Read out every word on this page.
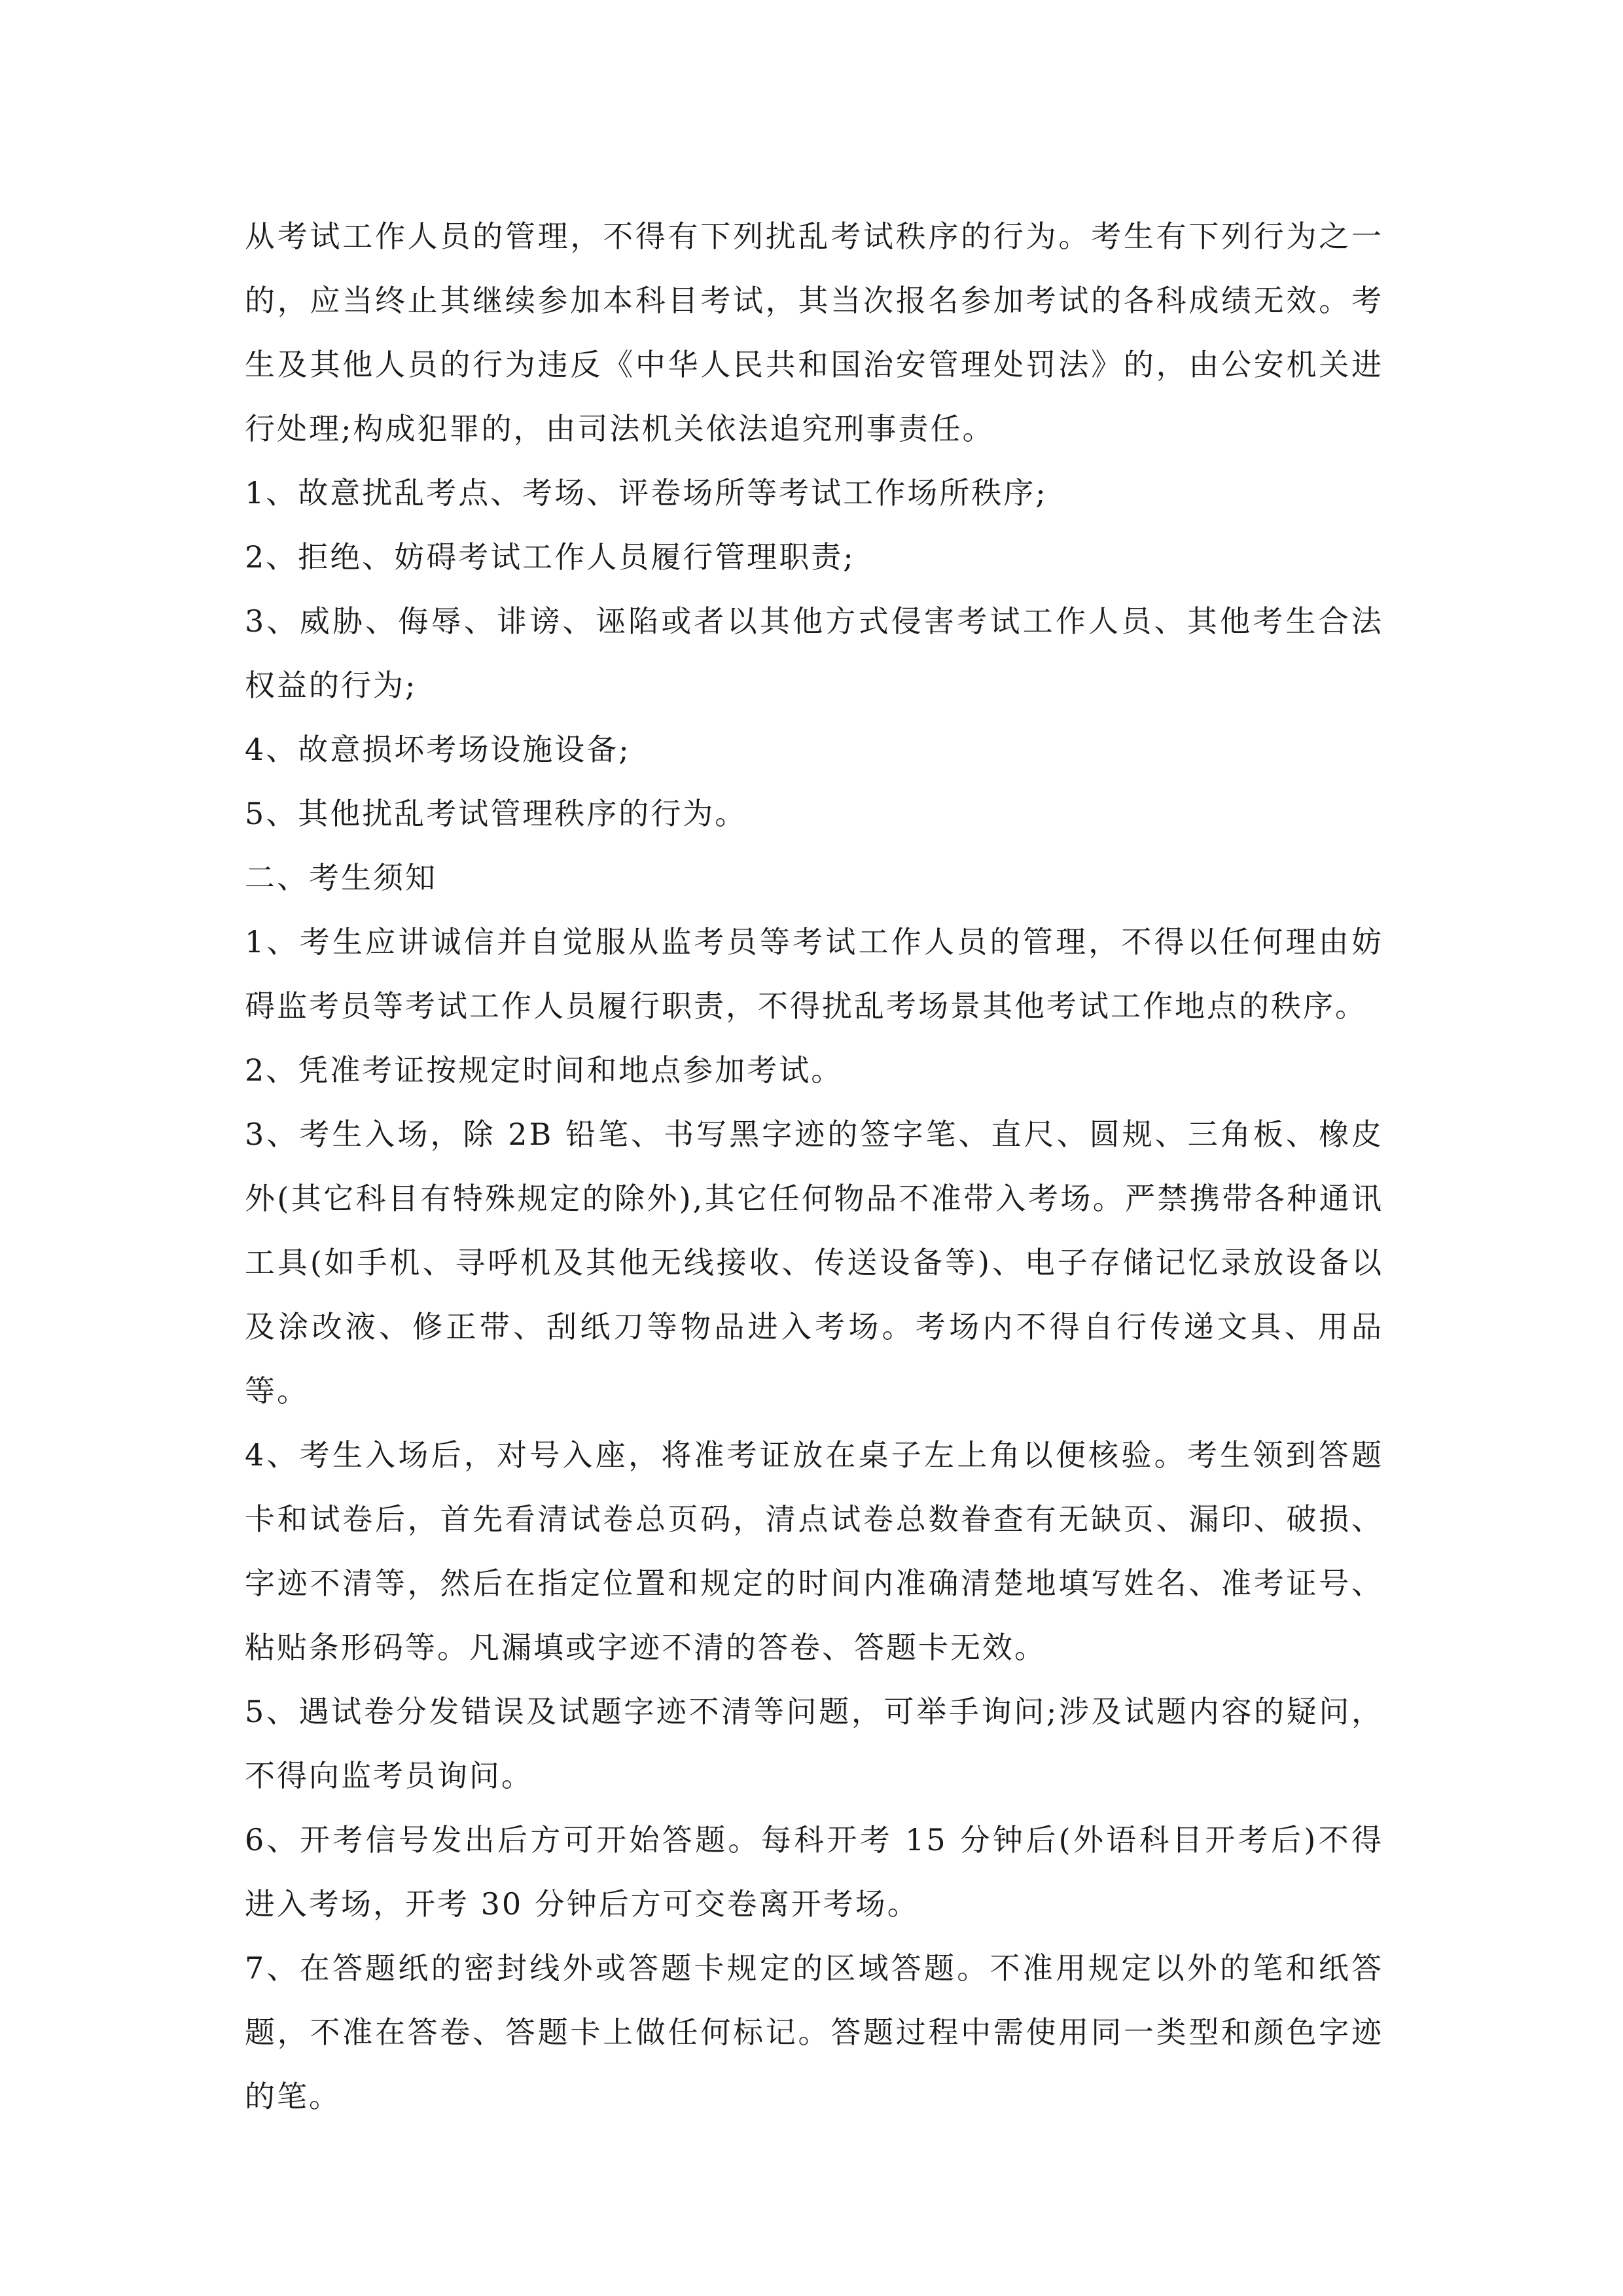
从考试工作人员的管理，不得有下列扰乱考试秩序的行为。考生有下列行为之一的，应当终止其继续参加本科目考试，其当次报名参加考试的各科成绩无效。考生及其他人员的行为违反《中华人民共和国治安管理处罚法》的，由公安机关进行处理;构成犯罪的，由司法机关依法追究刑事责任。

1、故意扰乱考点、考场、评卷场所等考试工作场所秩序;

2、拒绝、妨碍考试工作人员履行管理职责;

3、威胁、侮辱、诽谤、诬陷或者以其他方式侵害考试工作人员、其他考生合法权益的行为;

4、故意损坏考场设施设备;

5、其他扰乱考试管理秩序的行为。

二、考生须知

1、考生应讲诚信并自觉服从监考员等考试工作人员的管理，不得以任何理由妨碍监考员等考试工作人员履行职责，不得扰乱考场景其他考试工作地点的秩序。

2、凭准考证按规定时间和地点参加考试。

3、考生入场，除 2B 铅笔、书写黑字迹的签字笔、直尺、圆规、三角板、橡皮外(其它科目有特殊规定的除外),其它任何物品不准带入考场。严禁携带各种通讯工具(如手机、寻呼机及其他无线接收、传送设备等)、电子存储记忆录放设备以及涂改液、修正带、刮纸刀等物品进入考场。考场内不得自行传递文具、用品等。

4、考生入场后，对号入座，将准考证放在桌子左上角以便核验。考生领到答题卡和试卷后，首先看清试卷总页码，清点试卷总数眷查有无缺页、漏印、破损、字迹不清等，然后在指定位置和规定的时间内准确清楚地填写姓名、准考证号、粘贴条形码等。凡漏填或字迹不清的答卷、答题卡无效。

5、遇试卷分发错误及试题字迹不清等问题，可举手询问;涉及试题内容的疑问，不得向监考员询问。

6、开考信号发出后方可开始答题。每科开考 15 分钟后(外语科目开考后)不得进入考场，开考 30 分钟后方可交卷离开考场。

7、在答题纸的密封线外或答题卡规定的区域答题。不准用规定以外的笔和纸答题，不准在答卷、答题卡上做任何标记。答题过程中需使用同一类型和颜色字迹的笔。
